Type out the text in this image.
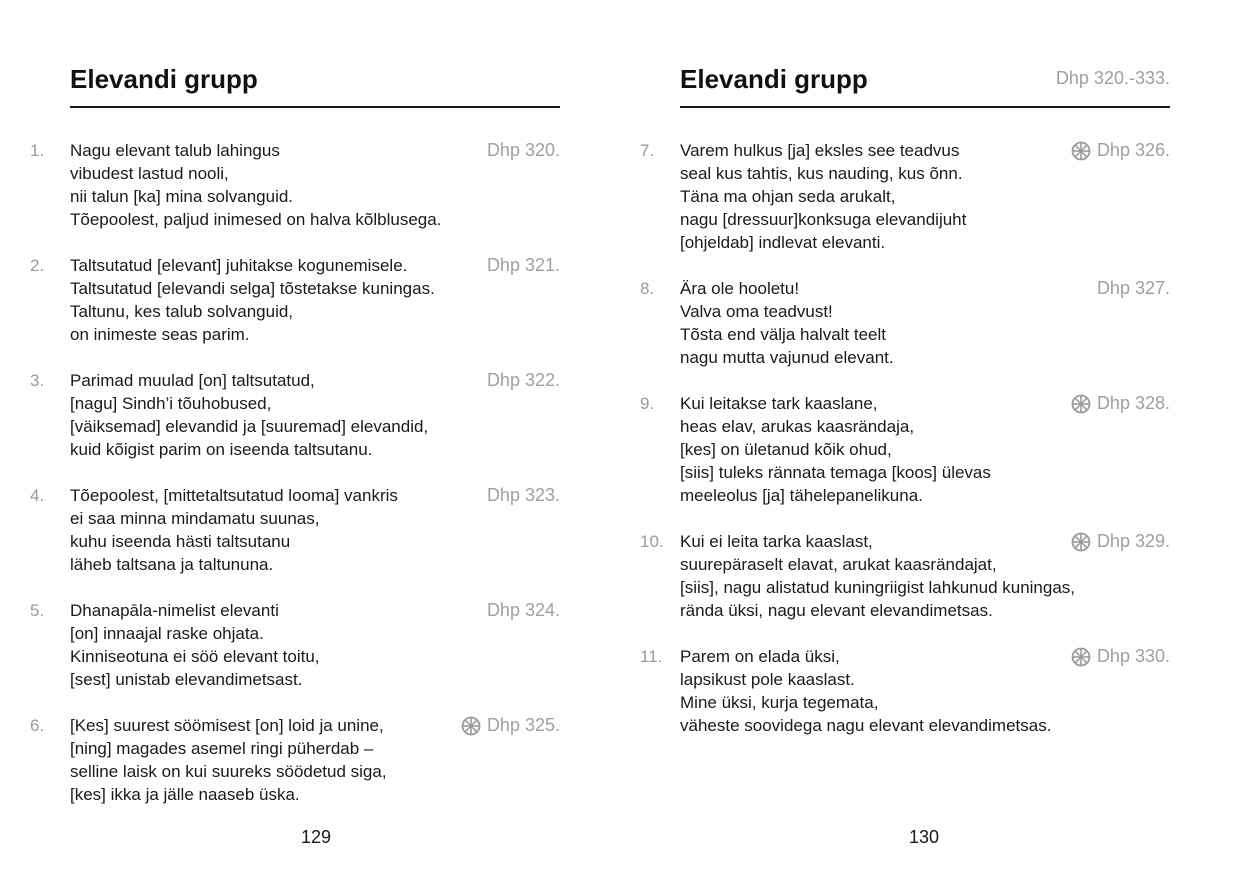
Elevandi grupp
1.	Nagu elevant talub lahingus
vibudest lastud nooli,
nii talun [ka] mina solvanguid.
Tõepoolest, paljud inimesed on halva kõlblusega.
Dhp 320.
2.	Taltsutatud [elevant] juhitakse kogunemisele.
Taltsutatud [elevandi selga] tõstetakse kuningas.
Taltunu, kes talub solvanguid,
on inimeste seas parim.
Dhp 321.
3.	Parimad muulad [on] taltsutatud,
[nagu] Sindh’i tõuhobused,
[väiksemad] elevandid ja [suuremad] elevandid,
kuid kõigist parim on iseenda taltsutanu.
Dhp 322.
4.	Tõepoolest, [mittetaltsutatud looma] vankris
ei saa minna mindamatu suunas,
kuhu iseenda hästi taltsutanu
läheb taltsana ja taltununa.
Dhp 323.
5.	Dhanapāla-nimelist elevanti
[on] innaajal raske ohjata.
Kinniseotuna ei söö elevant toitu,
[sest] unistab elevandimetsast.
Dhp 324.
6.	[Kes] suurest söömisest [on] loid ja unine,
[ning] magades asemel ringi püherdab –
selline laisk on kui suureks söödetud siga,
[kes] ikka ja jälle naaseb üska.
Dhp 325.
129
Elevandi grupp	Dhp 320.-333.
7.	Varem hulkus [ja] eksles see teadvus
seal kus tahtis, kus nauding, kus õnn.
Täna ma ohjan seda arukalt,
nagu [dressuur]konksuga elevandijuht
[ohjeldab] indlevat elevanti.
Dhp 326.
8.	Ära ole hooletu!
Valva oma teadvust!
Tõsta end välja halvalt teelt
nagu mutta vajunud elevant.
Dhp 327.
9.	Kui leitakse tark kaaslane,
heas elav, arukas kaasrändaja,
[kes] on ületanud kõik ohud,
[siis] tuleks rännata temaga [koos] ülevas
meeleolus [ja] tähelepanelikuna.
Dhp 328.
10. Kui ei leita tarka kaaslast,
suurepäraselt elavat, arukat kaasrändajat,
[siis], nagu alistatud kuningriigist lahkunud kuningas,
rända üksi, nagu elevant elevandimetsas.
Dhp 329.
11.	Parem on elada üksi,
lapsikust pole kaaslast.
Mine üksi, kurja tegemata,
väheste soovidega nagu elevant elevandimetsas.
Dhp 330.
130
